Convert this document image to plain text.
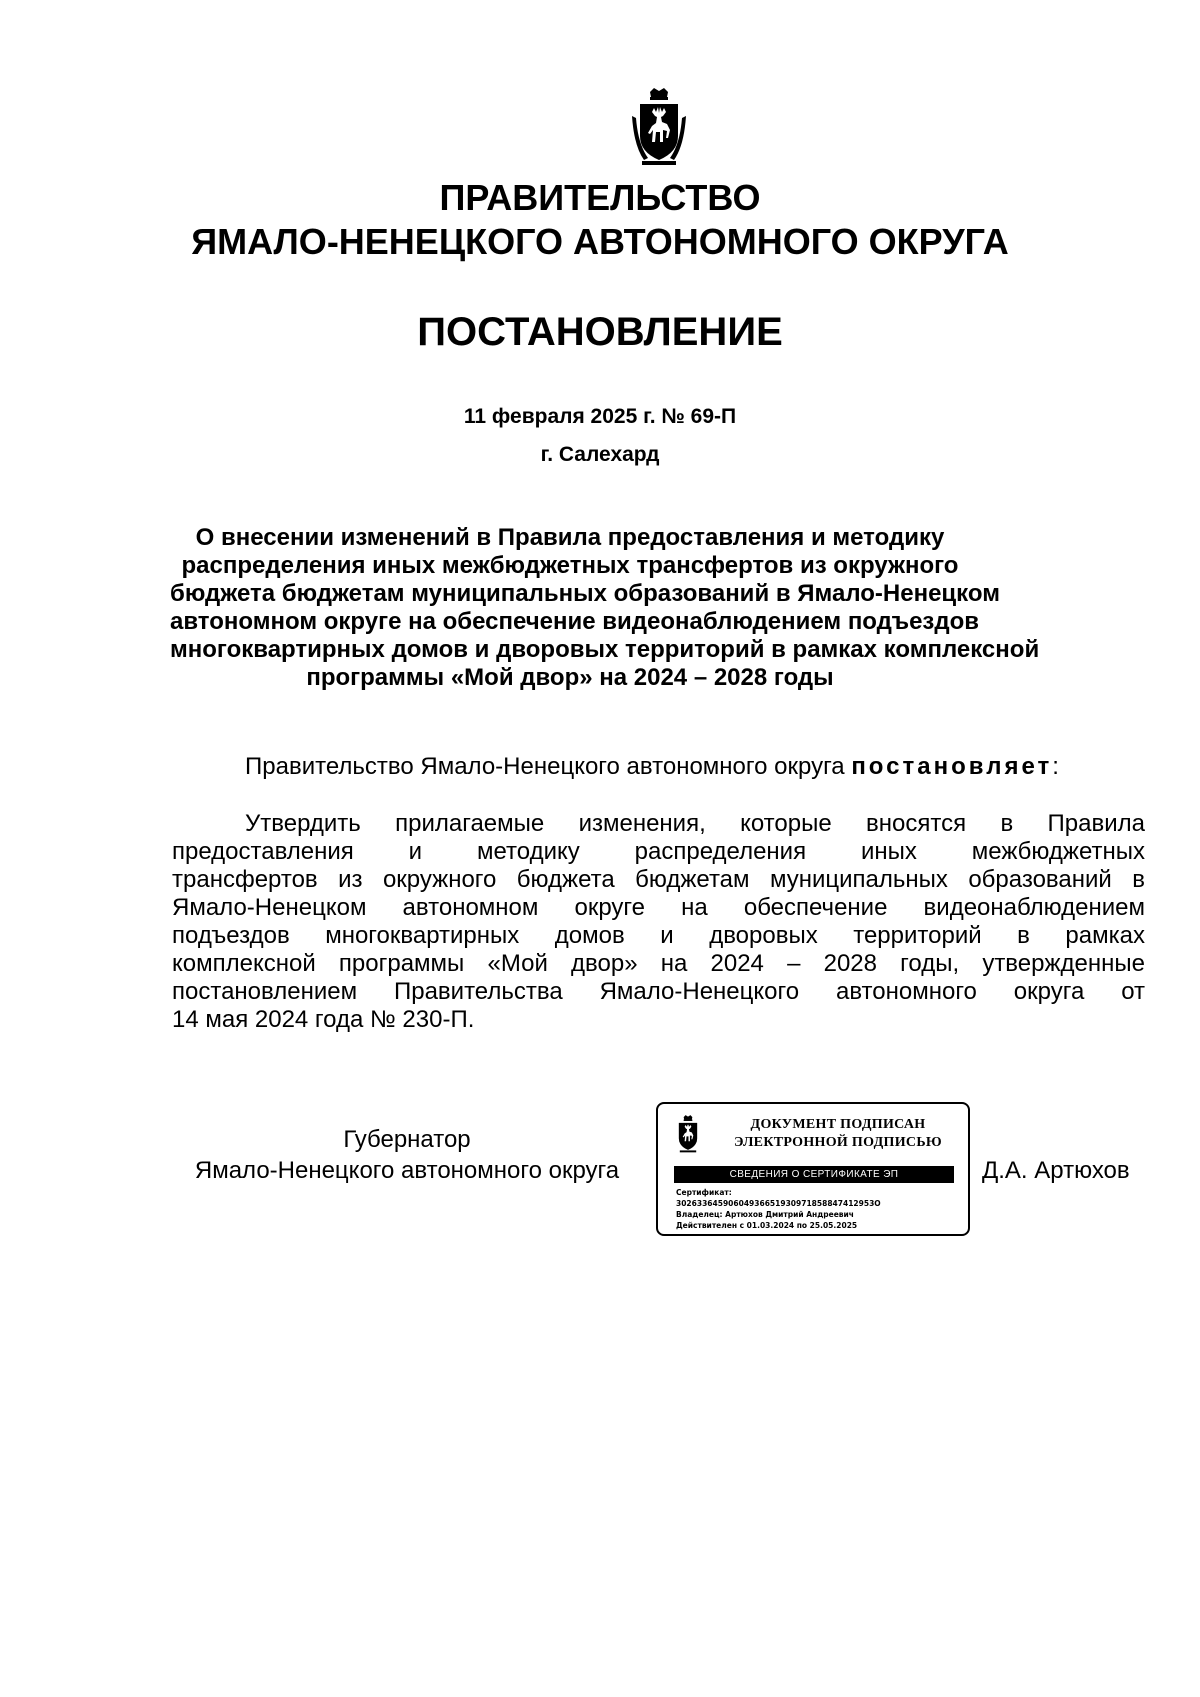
ПРАВИТЕЛЬСТВО
ЯМАЛО-НЕНЕЦКОГО АВТОНОМНОГО ОКРУГА
ПОСТАНОВЛЕНИЕ
11 февраля 2025 г. № 69-П
г. Салехард
О внесении изменений в Правила предоставления и методику
распределения иных межбюджетных трансфертов из окружного
бюджета бюджетам муниципальных образований в Ямало-Ненецком
автономном округе на обеспечение видеонаблюдением подъездов
многоквартирных домов и дворовых территорий в рамках комплексной
программы «Мой двор» на 2024 – 2028 годы
Правительство Ямало-Ненецкого автономного округа постановляет:
Утвердить прилагаемые изменения, которые вносятся в Правила
предоставления и методику распределения иных межбюджетных
трансфертов из окружного бюджета бюджетам муниципальных образований в
Ямало-Ненецком автономном округе на обеспечение видеонаблюдением
подъездов многоквартирных домов и дворовых территорий в рамках
комплексной программы «Мой двор» на 2024 – 2028 годы, утвержденные
постановлением Правительства Ямало-Ненецкого автономного округа от
14 мая 2024 года № 230-П.
Губернатор
Ямало-Ненецкого автономного округа
ДОКУМЕНТ ПОДПИСАН
ЭЛЕКТРОННОЙ ПОДПИСЬЮ
СВЕДЕНИЯ О СЕРТИФИКАТЕ ЭП
Сертификат:
30263364590604936651930971858847412953O
Владелец: Артюхов Дмитрий Андреевич
Действителен с 01.03.2024 по 25.05.2025
Д.А. Артюхов
